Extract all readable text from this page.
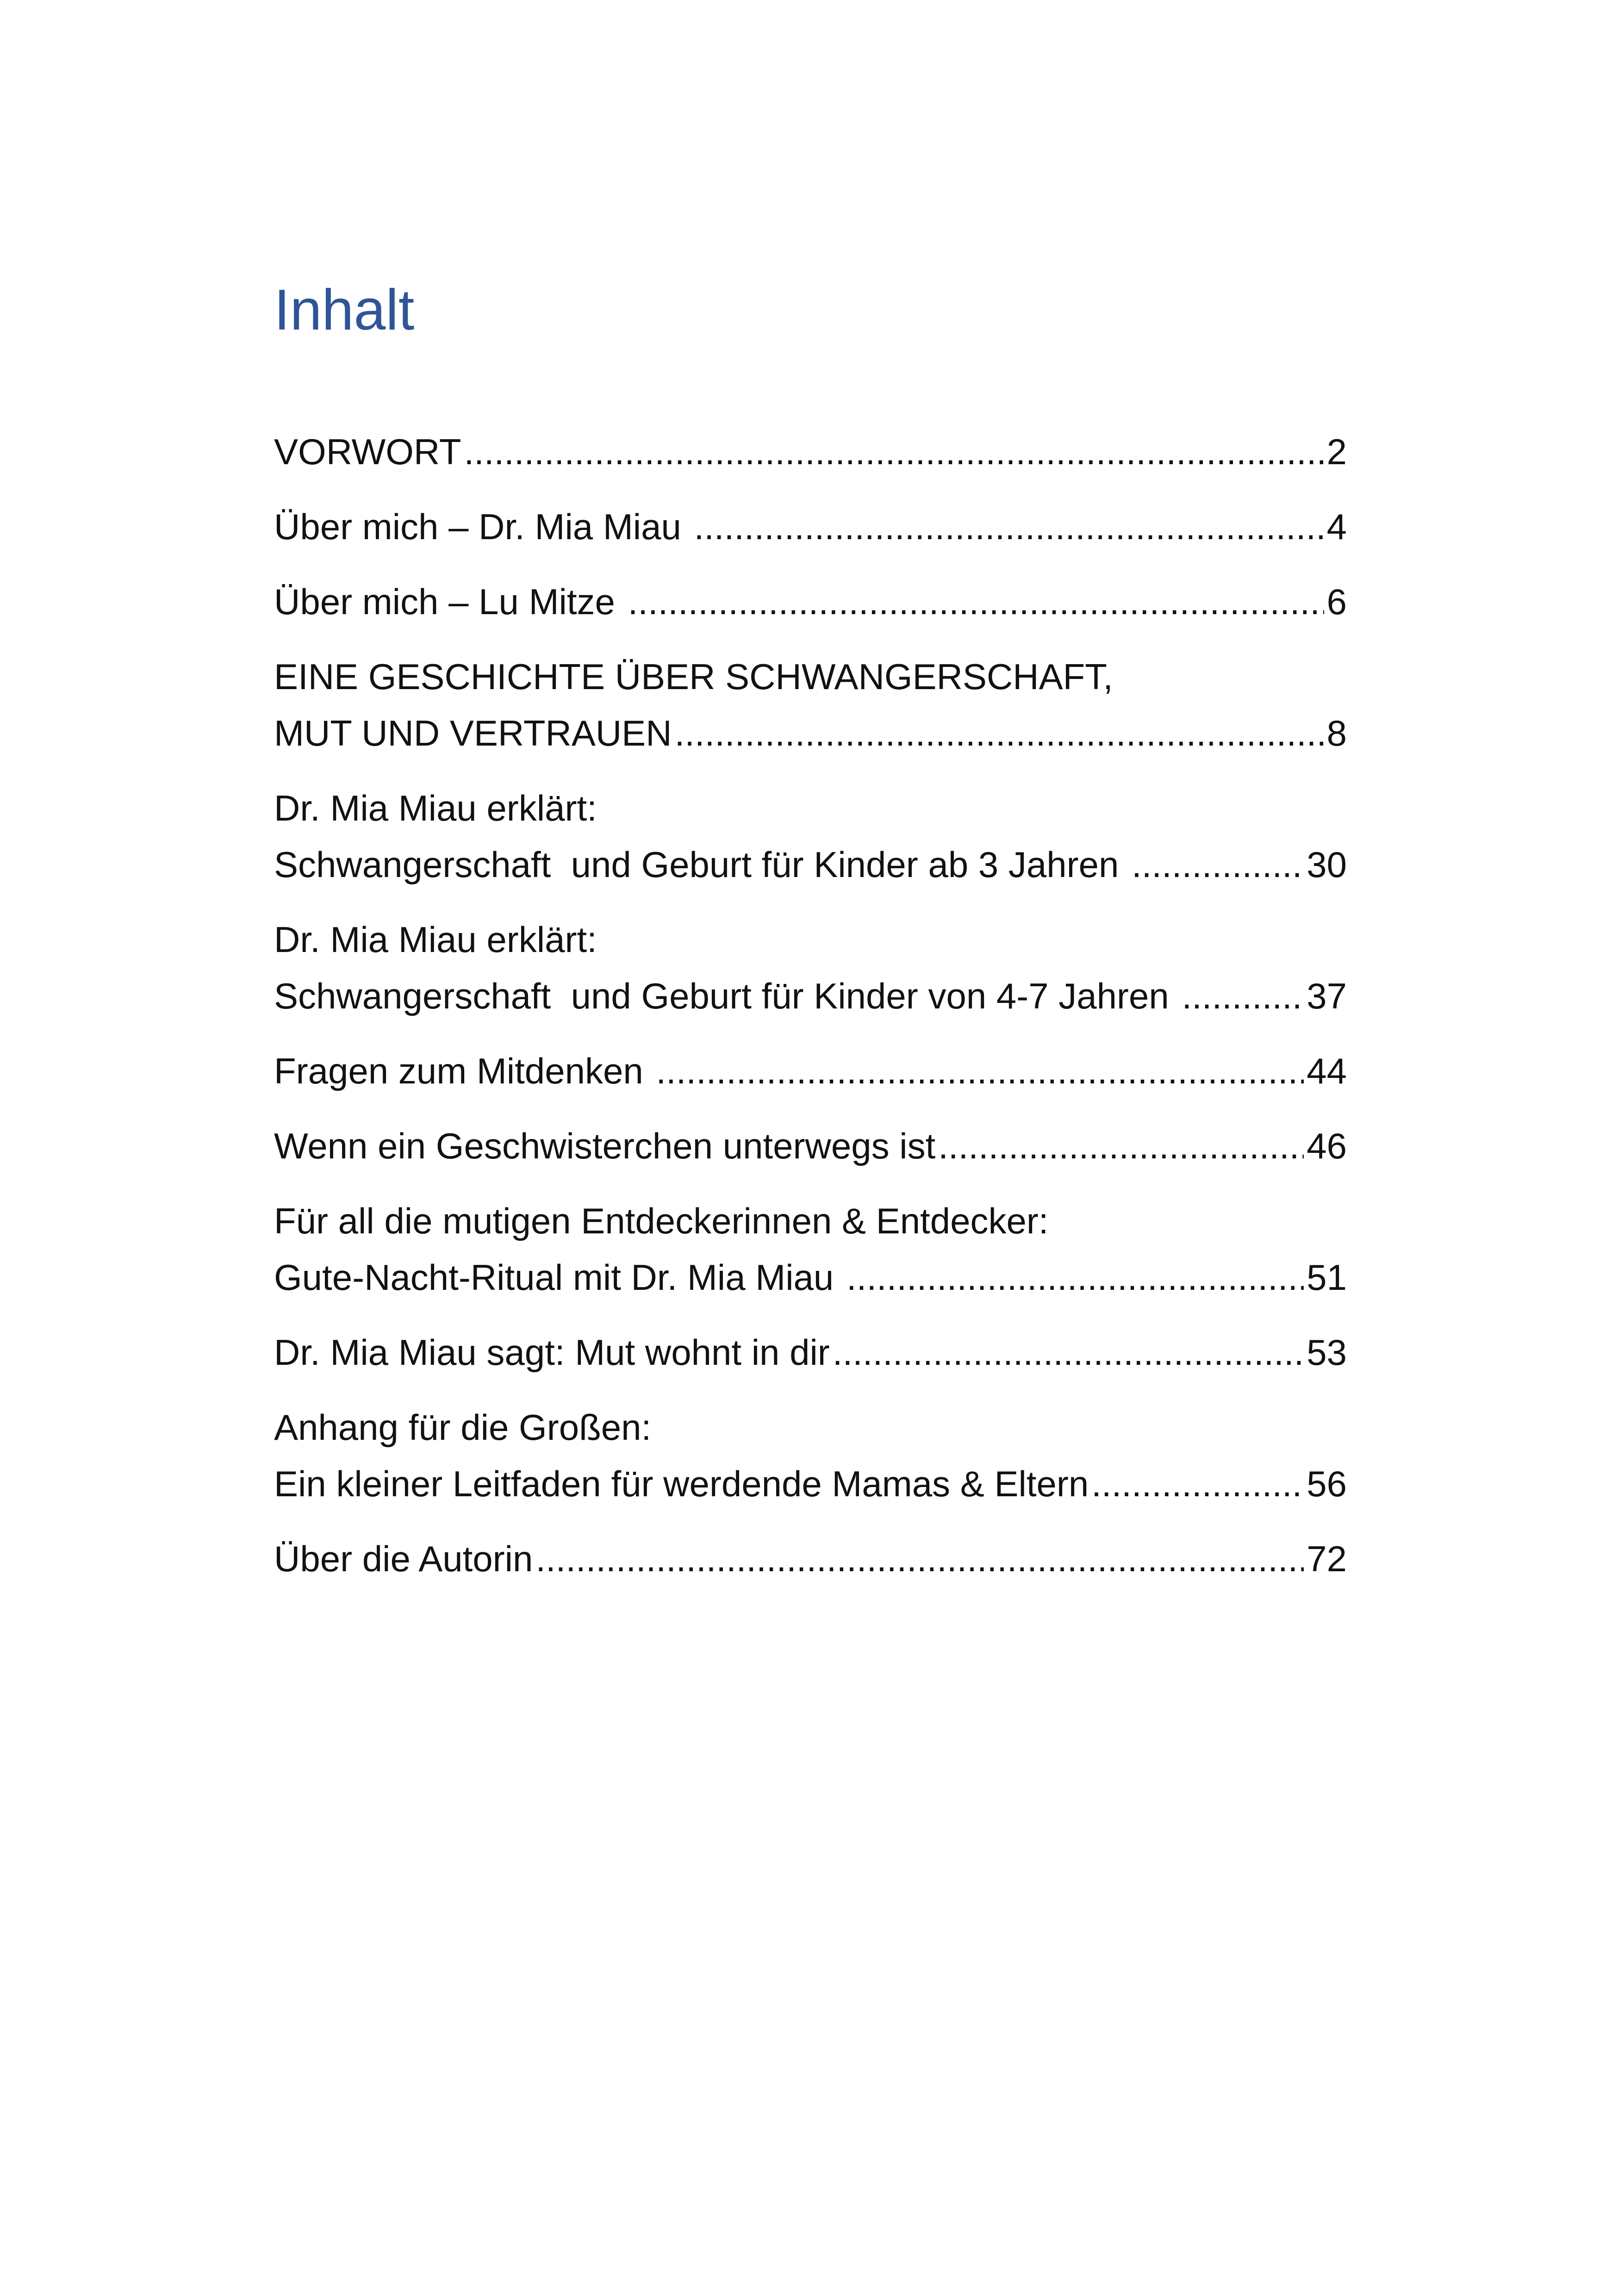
Inhalt
VORWORT .....	2
Über mich – Dr. Mia Miau .....	4
Über mich – Lu Mitze .....	6
EINE GESCHICHTE ÜBER SCHWANGERSCHAFT,
MUT UND VERTRAUEN .....	8
Dr. Mia Miau erklärt:
Schwangerschaft  und Geburt für Kinder ab 3 Jahren .....	30
Dr. Mia Miau erklärt:
Schwangerschaft  und Geburt für Kinder von 4-7 Jahren .....	37
Fragen zum Mitdenken .....	44
Wenn ein Geschwisterchen unterwegs ist .....	46
Für all die mutigen Entdeckerinnen & Entdecker:
Gute-Nacht-Ritual mit Dr. Mia Miau .....	51
Dr. Mia Miau sagt: Mut wohnt in dir .....	53
Anhang für die Großen:
Ein kleiner Leitfaden für werdende Mamas & Eltern .....	56
Über die Autorin .....	72
